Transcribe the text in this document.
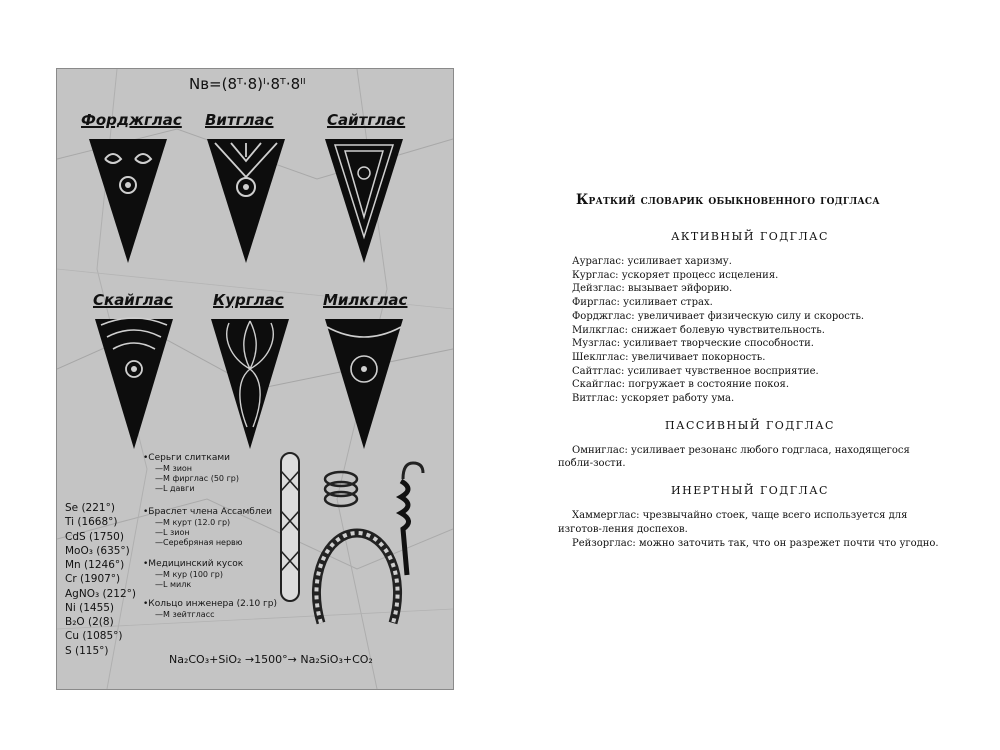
Nв=(8ᵀ·8)ᴵ·8ᵀ·8ᴵᴵ
Форджглас Витглас	Сайтглас
Скайглас	Курглас	Милкглас
•Серьги слитками
—М зион
—М фирглас (50 гр)
—L давги
•Браслет члена Ассамблеи
—М курт (12.0 гр)
—L зион
—Серебряная нервю
•Медицинский кусок
—М кур (100 гр)
—L милк
•Кольцо инженера (2.10 гр)
—М зейтгласс
Se (221°)
Ti (1668°)
CdS (1750)
MoO₃ (635°)
Mn (1246°)
Cr (1907°)
AgNO₃ (212°)
Ni (1455)
B₂O (2(8)
Cu (1085°)
S (115°)
Na₂CO₃+SiO₂ →1500°→ Na₂SiO₃+CO₂
Краткий словарик обыкновенного годгласа
АКТИВНЫЙ ГОДГЛАС
Аураглас: усиливает харизму.
Курглас: ускоряет процесс исцеления.
Дейзглас: вызывает эйфорию.
Фирглас: усиливает страх.
Форджглас: увеличивает физическую силу и скорость.
Милкглас: снижает болевую чувствительность.
Музглас: усиливает творческие способности.
Шеклглас: увеличивает покорность.
Сайтглас: усиливает чувственное восприятие.
Скайглас: погружает в состояние покоя.
Витглас: ускоряет работу ума.
ПАССИВНЫЙ ГОДГЛАС
Омниглас: усиливает резонанс любого годгласа, находящегося побли-зости.
ИНЕРТНЫЙ ГОДГЛАС
Хаммерглас: чрезвычайно стоек, чаще всего используется для изготов-ления доспехов.
Рейзорглас: можно заточить так, что он разрежет почти что угодно.
